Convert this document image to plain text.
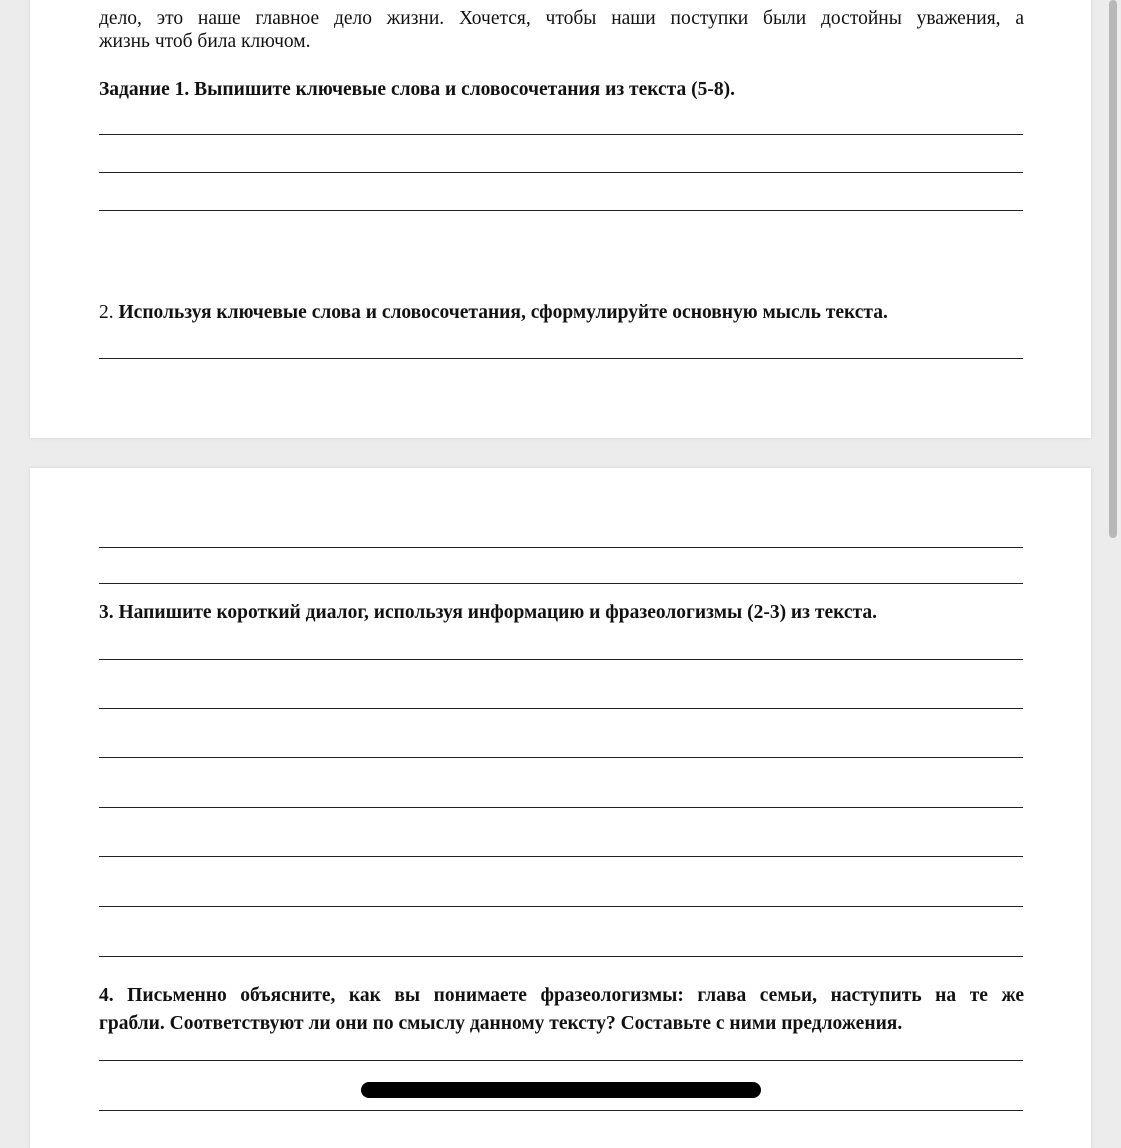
дело, это наше главное дело жизни. Хочется, чтобы наши поступки были достойны уважения, а
жизнь чтоб била ключом.
Задание 1. Выпишите ключевые слова и словосочетания из текста (5-8).
2. Используя ключевые слова и словосочетания, сформулируйте основную мысль текста.
3. Напишите короткий диалог, используя информацию и фразеологизмы (2-3) из текста.
4. Письменно объясните, как вы понимаете фразеологизмы: глава семьи, наступить на те же
грабли. Соответствуют ли они по смыслу данному тексту? Составьте с ними предложения.
